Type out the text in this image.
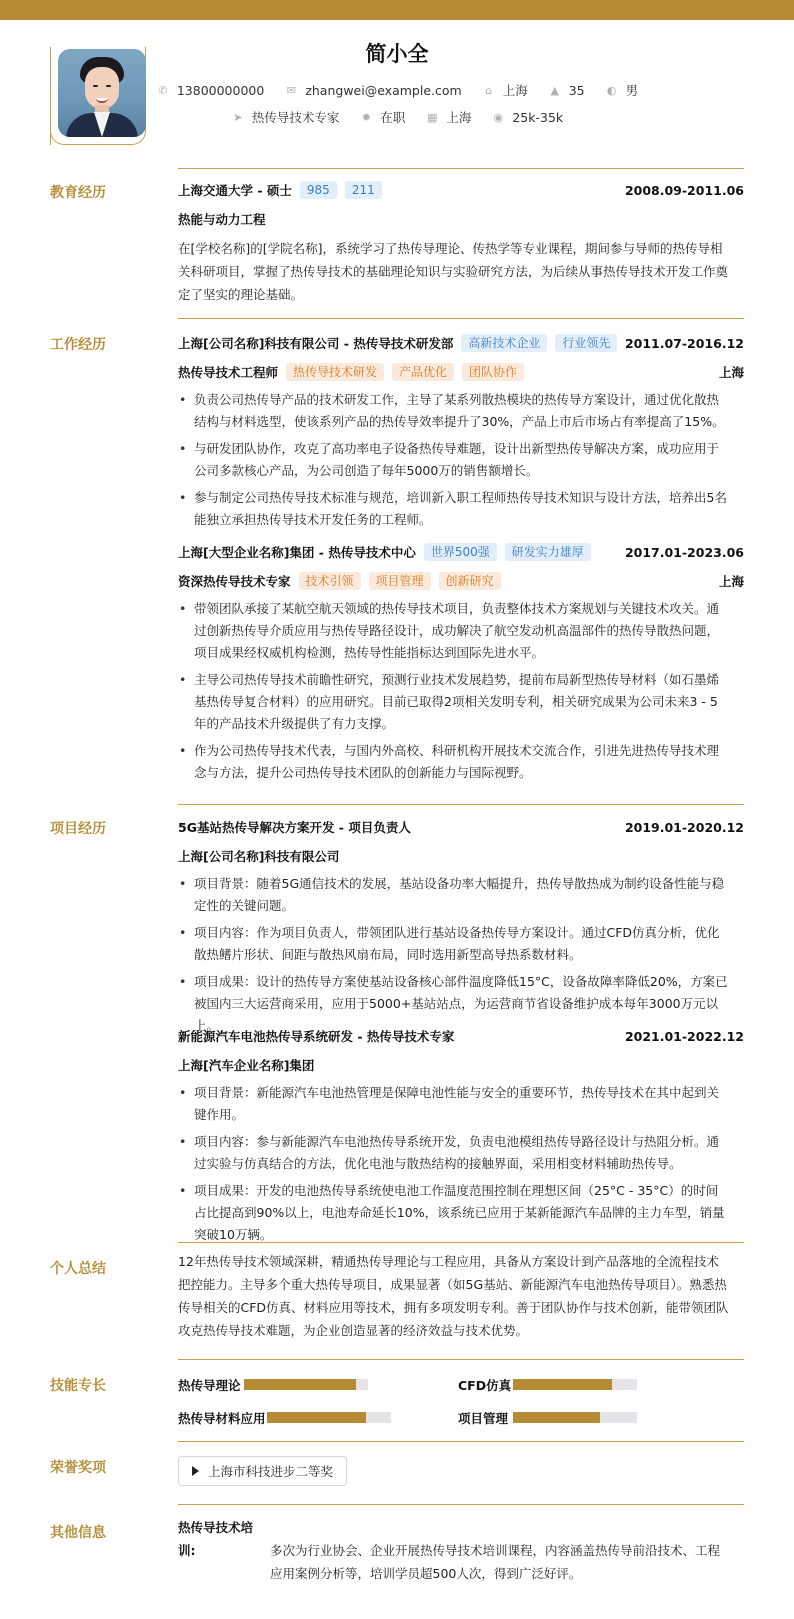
简小全
✆ 13800000000 ✉ zhangwei@example.com	⌂ 上海 ▲ 35 ◐ 男
➤ 热传导技术专家 ✹ 在职 ▦ 上海 ◉ 25k-35k
教育经历	上海交通大学 - 硕士	985	211	2008.09-2011.06
热能与动力工程
在[学校名称]的[学院名称]，系统学习了热传导理论、传热学等专业课程，期间参与导师的热传导相关科研项目，掌握了热传导技术的基础理论知识与实验研究方法，为后续从事热传导技术开发工作奠定了坚实的理论基础。
工作经历	上海[公司名称]科技有限公司 - 热传导技术研发部	高新技术企业	行业领先	2011.07-2016.12
热传导技术工程师	热传导技术研发	产品优化	团队协作	上海
• 负责公司热传导产品的技术研发工作，主导了某系列散热模块的热传导方案设计，通过优化散热结构与材料选型，使该系列产品的热传导效率提升了30%，产品上市后市场占有率提高了15%。
• 与研发团队协作，攻克了高功率电子设备热传导难题，设计出新型热传导解决方案，成功应用于公司多款核心产品，为公司创造了每年5000万的销售额增长。
• 参与制定公司热传导技术标准与规范，培训新入职工程师热传导技术知识与设计方法，培养出5名能独立承担热传导技术开发任务的工程师。
上海[大型企业名称]集团 - 热传导技术中心	世界500强	研发实力雄厚	2017.01-2023.06
资深热传导技术专家	技术引领	项目管理	创新研究	上海
• 带领团队承接了某航空航天领域的热传导技术项目，负责整体技术方案规划与关键技术攻关。通过创新热传导介质应用与热传导路径设计，成功解决了航空发动机高温部件的热传导散热问题，项目成果经权威机构检测，热传导性能指标达到国际先进水平。
• 主导公司热传导技术前瞻性研究，预测行业技术发展趋势，提前布局新型热传导材料（如石墨烯基热传导复合材料）的应用研究。目前已取得2项相关发明专利，相关研究成果为公司未来3 - 5年的产品技术升级提供了有力支撑。
• 作为公司热传导技术代表，与国内外高校、科研机构开展技术交流合作，引进先进热传导技术理念与方法，提升公司热传导技术团队的创新能力与国际视野。
项目经历	5G基站热传导解决方案开发 - 项目负责人	2019.01-2020.12
上海[公司名称]科技有限公司
• 项目背景：随着5G通信技术的发展，基站设备功率大幅提升，热传导散热成为制约设备性能与稳定性的关键问题。
• 项目内容：作为项目负责人，带领团队进行基站设备热传导方案设计。通过CFD仿真分析，优化散热鳍片形状、间距与散热风扇布局，同时选用新型高导热系数材料。
• 项目成果：设计的热传导方案使基站设备核心部件温度降低15°C，设备故障率降低20%，方案已被国内三大运营商采用，应用于5000+基站站点，为运营商节省设备维护成本每年3000万元以上。
新能源汽车电池热传导系统研发 - 热传导技术专家	2021.01-2022.12
上海[汽车企业名称]集团
• 项目背景：新能源汽车电池热管理是保障电池性能与安全的重要环节，热传导技术在其中起到关键作用。
• 项目内容：参与新能源汽车电池热传导系统开发，负责电池模组热传导路径设计与热阻分析。通过实验与仿真结合的方法，优化电池与散热结构的接触界面，采用相变材料辅助热传导。
• 项目成果：开发的电池热传导系统使电池工作温度范围控制在理想区间（25°C - 35°C）的时间占比提高到90%以上，电池寿命延长10%，该系统已应用于某新能源汽车品牌的主力车型，销量突破10万辆。
个人总结	12年热传导技术领域深耕，精通热传导理论与工程应用，具备从方案设计到产品落地的全流程技术把控能力。主导多个重大热传导项目，成果显著（如5G基站、新能源汽车电池热传导项目）。熟悉热传导相关的CFD仿真、材料应用等技术，拥有多项发明专利。善于团队协作与技术创新，能带领团队攻克热传导技术难题，为企业创造显著的经济效益与技术优势。
技能专长	热传导理论	CFD仿真
热传导材料应用	项目管理
荣誉奖项	上海市科技进步二等奖
其他信息	热传导技术培训:	多次为行业协会、企业开展热传导技术培训课程，内容涵盖热传导前沿技术、工程应用案例分析等，培训学员超500人次，得到广泛好评。
